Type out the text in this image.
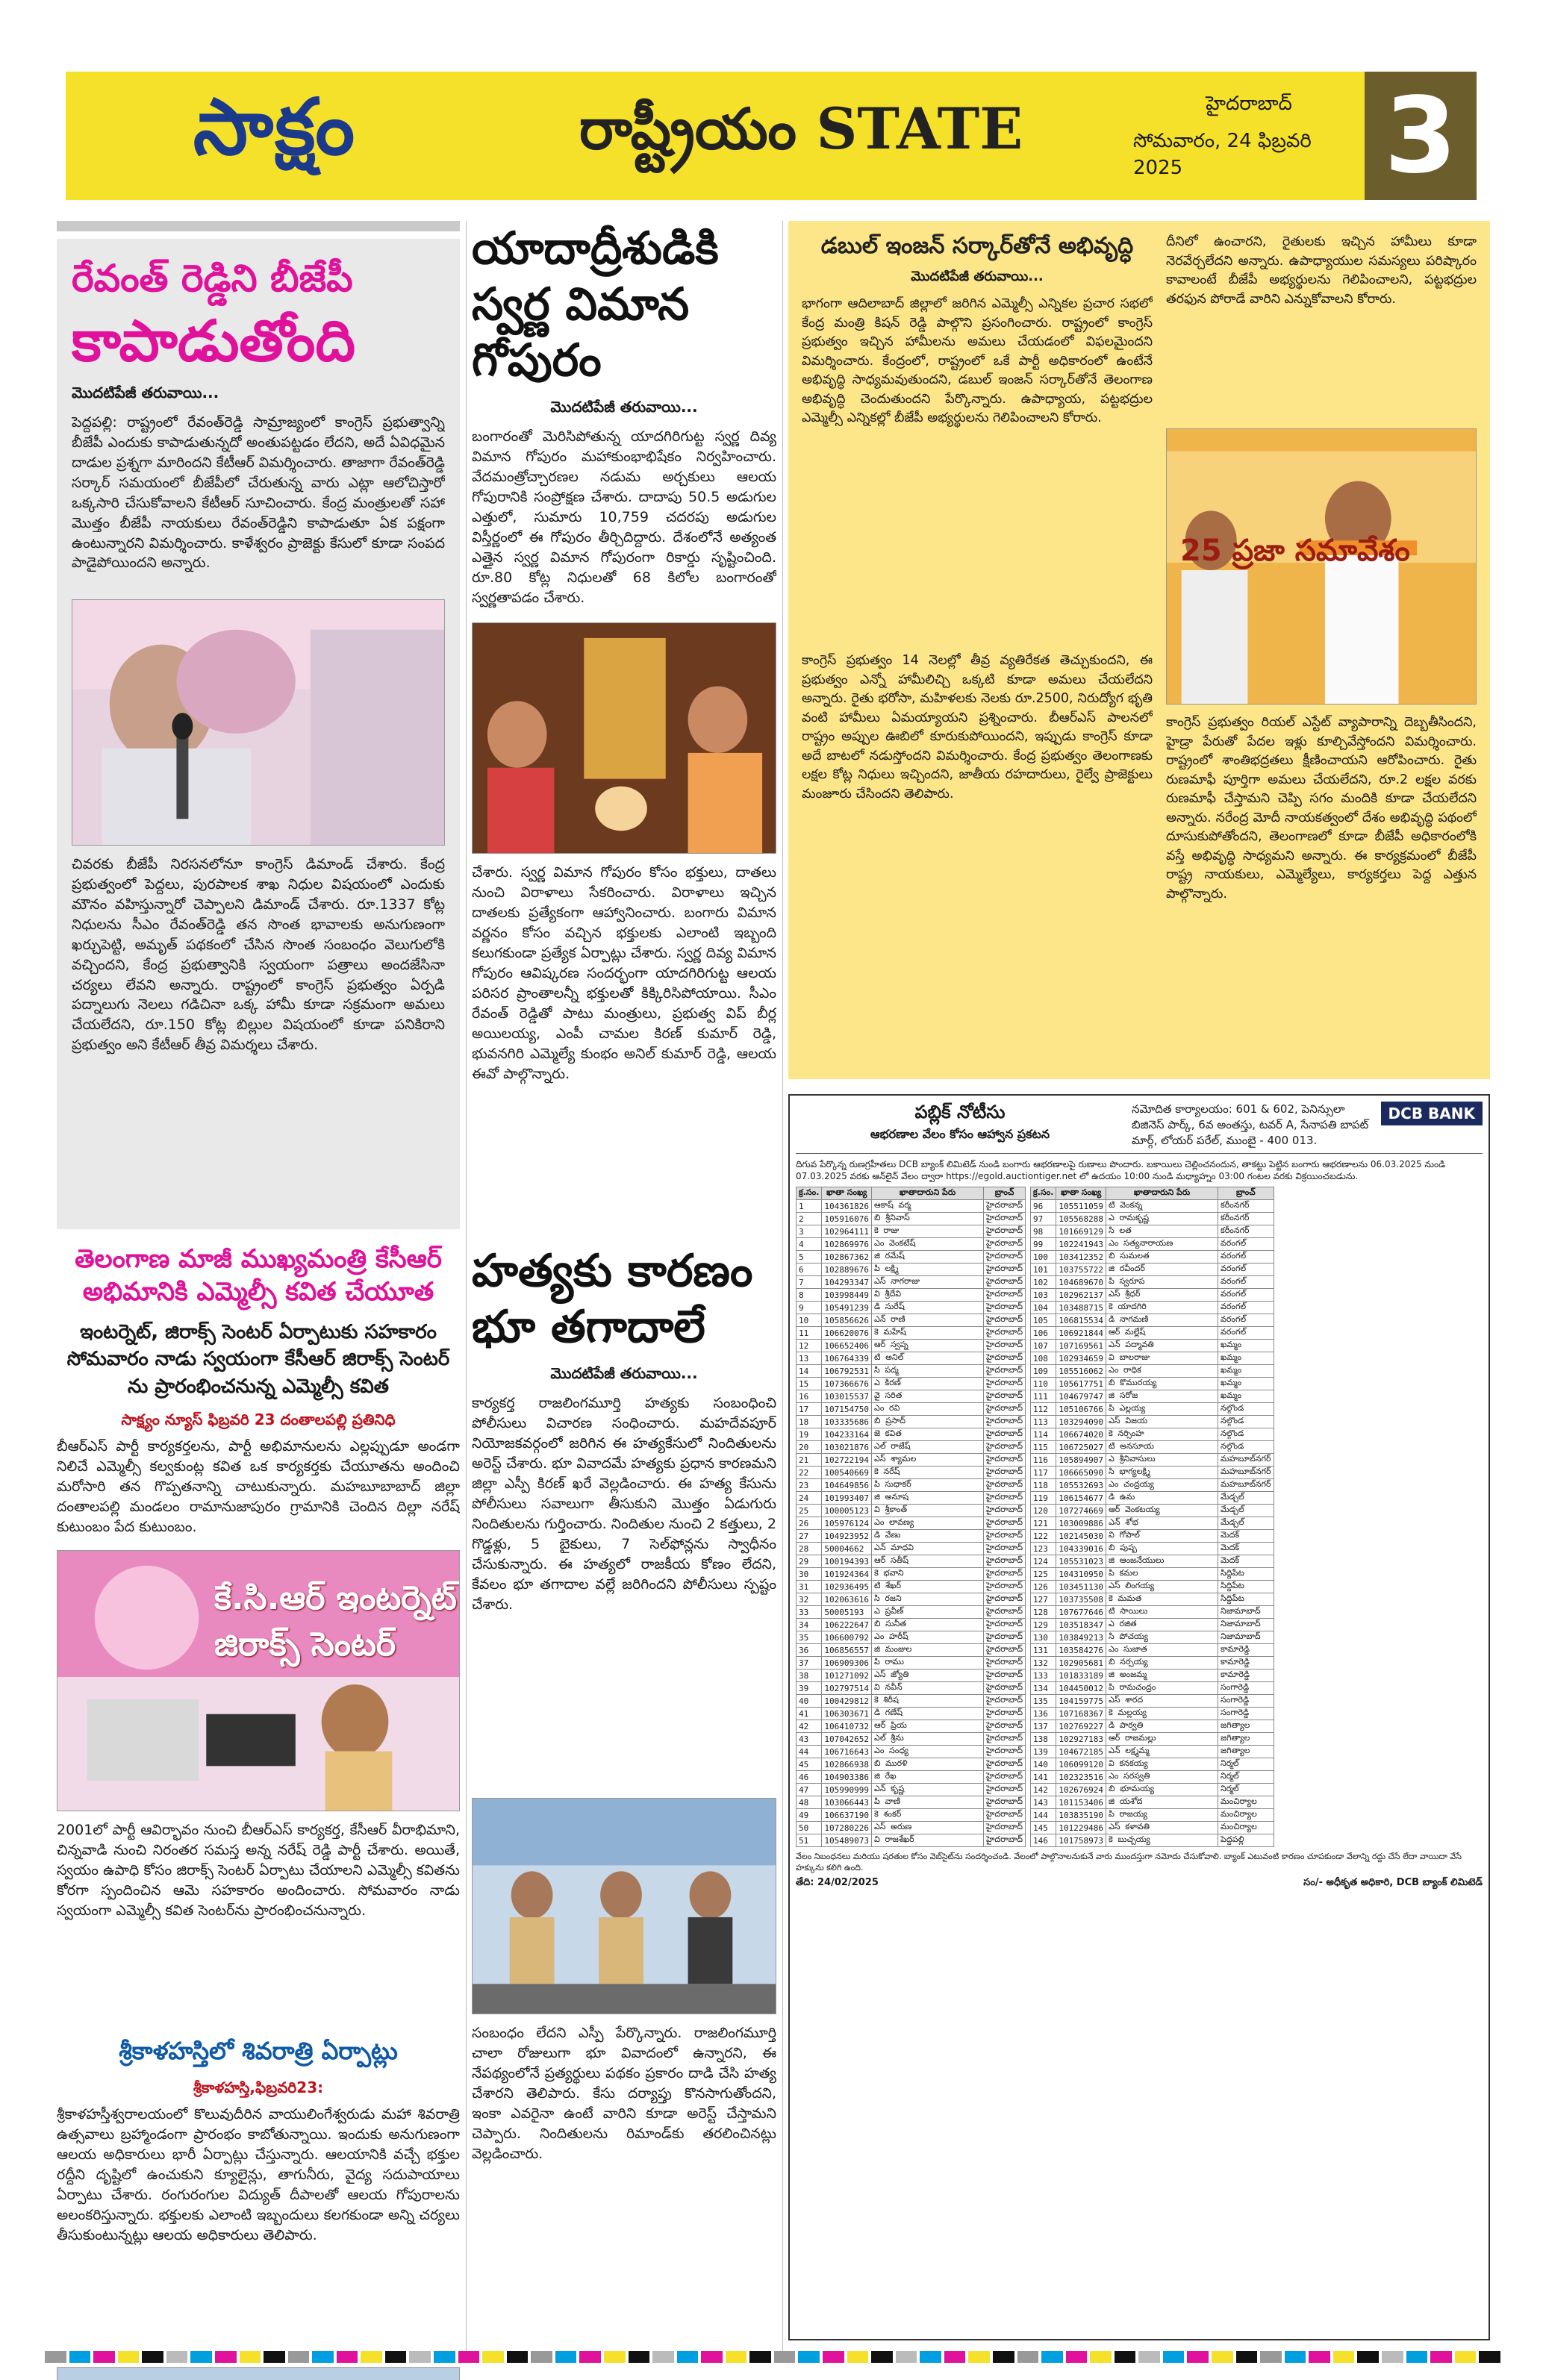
సాక్షం	రాష్ట్రీయం STATE	హైదరాబాద్
సోమవారం, 24 ఫిబ్రవరి 2025	3
రేవంత్ రెడ్డిని బీజేపీ
కాపాడుతోంది
మొదటిపేజీ తరువాయి...

పెద్దపల్లి: రాష్ట్రంలో రేవంత్‌రెడ్డి సామ్రాజ్యంలో కాంగ్రెస్ ప్రభుత్వాన్ని బీజేపీ ఎందుకు కాపాడుతున్నదో అంతుపట్టడం లేదని, అదే ఏవిధమైన దాడుల ప్రశ్నగా మారిందని కేటీఆర్ విమర్శించారు. తాజాగా రేవంత్‌రెడ్డి సర్కార్ సమయంలో బీజేపీలో చేరుతున్న వారు ఎట్లా ఆలోచిస్తారో ఒక్కసారి చేసుకోవాలని కేటీఆర్ సూచించారు. కేంద్ర మంత్రులతో సహా మొత్తం బీజేపీ నాయకులు రేవంత్‌రెడ్డిని కాపాడుతూ ఏక పక్షంగా ఉంటున్నారని విమర్శించారు. కాళేశ్వరం ప్రాజెక్టు కేసులో కూడా సంపద పాడైపోయిందని అన్నారు.

చివరకు బీజేపీ నిరసనలోనూ కాంగ్రెస్ డిమాండ్ చేశారు. కేంద్ర ప్రభుత్వంలో పెద్దలు, పురపాలక శాఖ నిధుల విషయంలో ఎందుకు మౌనం వహిస్తున్నారో చెప్పాలని డిమాండ్ చేశారు. రూ.1337 కోట్ల నిధులను సీఎం రేవంత్‌రెడ్డి తన సొంత భావాలకు అనుగుణంగా ఖర్చుపెట్టి, అమృత్ పథకంలో చేసిన సొంత సంబంధం వెలుగులోకి వచ్చిందని, కేంద్ర ప్రభుత్వానికి స్వయంగా పత్రాలు అందజేసినా చర్యలు లేవని అన్నారు. రాష్ట్రంలో కాంగ్రెస్ ప్రభుత్వం ఏర్పడి పద్నాలుగు నెలలు గడిచినా ఒక్క హామీ కూడా సక్రమంగా అమలు చేయలేదని, రూ.150 కోట్ల బిల్లుల విషయంలో కూడా పనికిరాని ప్రభుత్వం అని కేటీఆర్ తీవ్ర విమర్శలు చేశారు.

తెలంగాణ మాజీ ముఖ్యమంత్రి కేసీఆర్ అభిమానికి ఎమ్మెల్సీ కవిత చేయూత
ఇంటర్నెట్, జిరాక్స్ సెంటర్ ఏర్పాటుకు సహకారం సోమవారం నాడు స్వయంగా కేసీఆర్ జిరాక్స్ సెంటర్ ను ప్రారంభించనున్న ఎమ్మెల్సీ కవిత
సాక్ష్యం న్యూస్ ఫిబ్రవరి 23 దంతాలపల్లి ప్రతినిధి

బీఆర్‌ఎస్ పార్టీ కార్యకర్తలను, పార్టీ అభిమానులను ఎల్లప్పుడూ అండగా నిలిచే ఎమ్మెల్సీ కల్వకుంట్ల కవిత ఒక కార్యకర్తకు చేయూతను అందించి మరోసారి తన గొప్పతనాన్ని చాటుకున్నారు. మహబూబాబాద్ జిల్లా దంతాలపల్లి మండలం రామానుజాపురం గ్రామానికి చెందిన దిల్లా నరేష్ కుటుంబం పేద కుటుంబం.

కే.సి.ఆర్ ఇంటర్నెట్ జిరాక్స్ సెంటర్

2001లో పార్టీ ఆవిర్భావం నుంచి బీఆర్‌ఎస్ కార్యకర్త, కేసీఆర్ వీరాభిమాని, చిన్నవాడి నుంచి నిరంతర సమస్త అన్న నరేష్ రెడ్డి పార్టీ చేశారు. అయితే, స్వయం ఉపాధి కోసం జిరాక్స్ సెంటర్ ఏర్పాటు చేయాలని ఎమ్మెల్సీ కవితను కోరగా స్పందించిన ఆమె సహకారం అందించారు. సోమవారం నాడు స్వయంగా ఎమ్మెల్సీ కవిత సెంటర్‌ను ప్రారంభించనున్నారు.

శ్రీకాళహస్తిలో శివరాత్రి ఏర్పాట్లు
శ్రీకాళహస్తి,ఫిబ్రవరి23:

శ్రీకాళహస్తీశ్వరాలయంలో కొలువుదీరిన వాయులింగేశ్వరుడు మహా శివరాత్రి ఉత్సవాలు బ్రహ్మాండంగా ప్రారంభం కాబోతున్నాయి. ఇందుకు అనుగుణంగా ఆలయ అధికారులు భారీ ఏర్పాట్లు చేస్తున్నారు. ఆలయానికి వచ్చే భక్తుల రద్దీని దృష్టిలో ఉంచుకుని క్యూలైన్లు, తాగునీరు, వైద్య సదుపాయాలు ఏర్పాటు చేశారు. రంగురంగుల విద్యుత్ దీపాలతో ఆలయ గోపురాలను అలంకరిస్తున్నారు. భక్తులకు ఎలాంటి ఇబ్బందులు కలగకుండా అన్ని చర్యలు తీసుకుంటున్నట్లు ఆలయ అధికారులు తెలిపారు.

యాదాద్రీశుడికి స్వర్ణ విమాన గోపురం
మొదటిపేజీ తరువాయి...

బంగారంతో మెరిసిపోతున్న యాదగిరిగుట్ట స్వర్ణ దివ్య విమాన గోపురం మహాకుంభాభిషేకం నిర్వహించారు. వేదమంత్రోచ్చారణల నడుమ అర్చకులు ఆలయ గోపురానికి సంప్రోక్షణ చేశారు. దాదాపు 50.5 అడుగుల ఎత్తులో, సుమారు 10,759 చదరపు అడుగుల విస్తీర్ణంలో ఈ గోపురం తీర్చిదిద్దారు. దేశంలోనే అత్యంత ఎత్తైన స్వర్ణ విమాన గోపురంగా రికార్డు సృష్టించింది. రూ.80 కోట్ల నిధులతో 68 కిలోల బంగారంతో స్వర్ణతాపడం చేశారు.

చేశారు. స్వర్ణ విమాన గోపురం కోసం భక్తులు, దాతలు నుంచి విరాళాలు సేకరించారు. విరాళాలు ఇచ్చిన దాతలకు ప్రత్యేకంగా ఆహ్వానించారు. బంగారు విమాన వర్ణనం కోసం వచ్చిన భక్తులకు ఎలాంటి ఇబ్బంది కలుగకుండా ప్రత్యేక ఏర్పాట్లు చేశారు. స్వర్ణ దివ్య విమాన గోపురం ఆవిష్కరణ సందర్భంగా యాదగిరిగుట్ట ఆలయ పరిసర ప్రాంతాలన్నీ భక్తులతో కిక్కిరిసిపోయాయి. సీఎం రేవంత్ రెడ్డితో పాటు మంత్రులు, ప్రభుత్వ విప్ బీర్ల అయిలయ్య, ఎంపీ చామల కిరణ్ కుమార్ రెడ్డి, భువనగిరి ఎమ్మెల్యే కుంభం అనిల్ కుమార్ రెడ్డి, ఆలయ ఈవో పాల్గొన్నారు.

హత్యకు కారణం భూ తగాదాలే
మొదటిపేజీ తరువాయి...

కార్యకర్త రాజలింగమూర్తి హత్యకు సంబంధించి పోలీసులు విచారణ సంధించారు. మహదేవపూర్ నియోజకవర్గంలో జరిగిన ఈ హత్యకేసులో నిందితులను అరెస్ట్ చేశారు. భూ వివాదమే హత్యకు ప్రధాన కారణమని జిల్లా ఎస్పీ కిరణ్ ఖరే వెల్లడించారు. ఈ హత్య కేసును పోలీసులు సవాలుగా తీసుకుని మొత్తం ఏడుగురు నిందితులను గుర్తించారు. నిందితుల నుంచి 2 కత్తులు, 2 గొడ్డళ్లు, 5 బైకులు, 7 సెల్‌ఫోన్లను స్వాధీనం చేసుకున్నారు. ఈ హత్యలో రాజకీయ కోణం లేదని, కేవలం భూ తగాదాల వల్లే జరిగిందని పోలీసులు స్పష్టం చేశారు.

సంబంధం లేదని ఎస్పీ పేర్కొన్నారు. రాజలింగమూర్తి చాలా రోజులుగా భూ వివాదంలో ఉన్నారని, ఈ నేపథ్యంలోనే ప్రత్యర్థులు పథకం ప్రకారం దాడి చేసి హత్య చేశారని తెలిపారు. కేసు దర్యాప్తు కొనసాగుతోందని, ఇంకా ఎవరైనా ఉంటే వారిని కూడా అరెస్ట్ చేస్తామని చెప్పారు. నిందితులను రిమాండ్‌కు తరలించినట్లు వెల్లడించారు.

డబుల్ ఇంజన్ సర్కార్‌తోనే అభివృద్ధి
మొదటిపేజీ తరువాయి...

భాగంగా ఆదిలాబాద్ జిల్లాలో జరిగిన ఎమ్మెల్సీ ఎన్నికల ప్రచార సభలో కేంద్ర మంత్రి కిషన్ రెడ్డి పాల్గొని ప్రసంగించారు. రాష్ట్రంలో కాంగ్రెస్ ప్రభుత్వం ఇచ్చిన హామీలను అమలు చేయడంలో విఫలమైందని విమర్శించారు. కేంద్రంలో, రాష్ట్రంలో ఒకే పార్టీ అధికారంలో ఉంటేనే అభివృద్ధి సాధ్యమవుతుందని, డబుల్ ఇంజన్ సర్కార్‌తోనే తెలంగాణ అభివృద్ధి చెందుతుందని పేర్కొన్నారు. ఉపాధ్యాయ, పట్టభద్రుల ఎమ్మెల్సీ ఎన్నికల్లో బీజేపీ అభ్యర్థులను గెలిపించాలని కోరారు.

కాంగ్రెస్ ప్రభుత్వం 14 నెలల్లో తీవ్ర వ్యతిరేకత తెచ్చుకుందని, ఈ ప్రభుత్వం ఎన్నో హామీలిచ్చి ఒక్కటి కూడా అమలు చేయలేదని అన్నారు. రైతు భరోసా, మహిళలకు నెలకు రూ.2500, నిరుద్యోగ భృతి వంటి హామీలు ఏమయ్యాయని ప్రశ్నించారు. బీఆర్‌ఎస్ పాలనలో రాష్ట్రం అప్పుల ఊబిలో కూరుకుపోయిందని, ఇప్పుడు కాంగ్రెస్ కూడా అదే బాటలో నడుస్తోందని విమర్శించారు. కేంద్ర ప్రభుత్వం తెలంగాణకు లక్షల కోట్ల నిధులు ఇచ్చిందని, జాతీయ రహదారులు, రైల్వే ప్రాజెక్టులు మంజూరు చేసిందని తెలిపారు.

దీనిలో ఉంచారని, రైతులకు ఇచ్చిన హామీలు కూడా నెరవేర్చలేదని అన్నారు. ఉపాధ్యాయుల సమస్యలు పరిష్కారం కావాలంటే బీజేపీ అభ్యర్థులను గెలిపించాలని, పట్టభద్రుల తరఫున పోరాడే వారిని ఎన్నుకోవాలని కోరారు.

25 ప్రజా సమావేశం

కాంగ్రెస్ ప్రభుత్వం రియల్ ఎస్టేట్ వ్యాపారాన్ని దెబ్బతీసిందని, హైడ్రా పేరుతో పేదల ఇళ్లు కూల్చివేస్తోందని విమర్శించారు. రాష్ట్రంలో శాంతిభద్రతలు క్షీణించాయని ఆరోపించారు. రైతు రుణమాఫీ పూర్తిగా అమలు చేయలేదని, రూ.2 లక్షల వరకు రుణమాఫీ చేస్తామని చెప్పి సగం మందికి కూడా చేయలేదని అన్నారు. నరేంద్ర మోదీ నాయకత్వంలో దేశం అభివృద్ధి పథంలో దూసుకుపోతోందని, తెలంగాణలో కూడా బీజేపీ అధికారంలోకి వస్తే అభివృద్ధి సాధ్యమని అన్నారు. ఈ కార్యక్రమంలో బీజేపీ రాష్ట్ర నాయకులు, ఎమ్మెల్యేలు, కార్యకర్తలు పెద్ద ఎత్తున పాల్గొన్నారు.

పబ్లిక్ నోటీసు
ఆభరణాల వేలం కోసం ఆహ్వాన ప్రకటన
నమోదిత కార్యాలయం: 601 & 602, పెనిన్సులా బిజినెస్ పార్క్, 6వ అంతస్తు, టవర్ A, సేనాపతి బాపట్ మార్గ్, లోయర్ పరేల్, ముంబై - 400 013.
DCB BANK
దిగువ పేర్కొన్న రుణగ్రహీతలు DCB బ్యాంక్ లిమిటెడ్ నుండి బంగారు ఆభరణాలపై రుణాలు పొందారు. బకాయిలు చెల్లించనందున, తాకట్టు పెట్టిన బంగారు ఆభరణాలను 06.03.2025 నుండి 07.03.2025 వరకు ఆన్‌లైన్ వేలం ద్వారా https://egold.auctiontiger.net లో ఉదయం 10:00 నుండి మధ్యాహ్నం 03:00 గంటల వరకు విక్రయించబడును.
క్ర.సం.	ఖాతా సంఖ్య	ఖాతాదారుని పేరు	బ్రాంచ్
1	104361826	ఆకాష్ వర్మ	హైదరాబాద్
2	105916076	బి శ్రీనివాస్	హైదరాబాద్
3	102964111	కె రాజు	హైదరాబాద్
4	102869976	ఎం వెంకటేష్	హైదరాబాద్
5	102867362	జి రమేష్	హైదరాబాద్
6	102889676	పి లక్ష్మి	హైదరాబాద్
7	104293347	ఎస్ నాగరాజు	హైదరాబాద్
8	103998449	వి శ్రీదేవి	హైదరాబాద్
9	105491239	డి సురేష్	హైదరాబాద్
10	105856626	ఎన్ రాణి	హైదరాబాద్
11	106620076	కె మహేష్	హైదరాబాద్
12	106652406	ఆర్ స్వప్న	హైదరాబాద్
13	106764339	టి అనిల్	హైదరాబాద్
14	106792531	సి పద్మ	హైదరాబాద్
15	107366676	ఎ కిరణ్	హైదరాబాద్
16	103015537	వై సరిత	హైదరాబాద్
17	107154750	ఎం రవి	హైదరాబాద్
18	103335686	బి ప్రసాద్	హైదరాబాద్
19	104233164	జె కవిత	హైదరాబాద్
20	103021876	ఎల్ రాజేష్	హైదరాబాద్
21	102722194	ఎస్ శ్యామల	హైదరాబాద్
22	100540669	కె నరేష్	హైదరాబాద్
23	104649856	పి సుధాకర్	హైదరాబాద్
24	101993407	జి అనూష	హైదరాబాద్
25	100005123	వి శ్రీకాంత్	హైదరాబాద్
26	105976124	ఎం లావణ్య	హైదరాబాద్
27	104923952	డి వేణు	హైదరాబాద్
28	50004662	ఎన్ మాధవి	హైదరాబాద్
29	100194393	ఆర్ సతీష్	హైదరాబాద్
30	101924364	కె భవాని	హైదరాబాద్
31	102936495	టి శేఖర్	హైదరాబాద్
32	102063616	సి రజని	హైదరాబాద్
33	50005193	ఎ ప్రవీణ్	హైదరాబాద్
34	106222647	బి సునీత	హైదరాబాద్
35	106600792	ఎం హరీష్	హైదరాబాద్
36	106856557	జి మంజుల	హైదరాబాద్
37	106909306	పి రాము	హైదరాబాద్
38	101271092	ఎస్ జ్యోతి	హైదరాబాద్
39	102797514	వి నవీన్	హైదరాబాద్
40	100429812	కె శిరీష	హైదరాబాద్
41	106303671	డి గణేష్	హైదరాబాద్
42	106410732	ఆర్ ప్రియ	హైదరాబాద్
43	107042652	ఎల్ శ్రీను	హైదరాబాద్
44	106716643	ఎం సంధ్య	హైదరాబాద్
45	102866938	బి మురళి	హైదరాబాద్
46	104903386	జి రేఖ	హైదరాబాద్
47	105990999	ఎన్ కృష్ణ	హైదరాబాద్
48	103066443	పి వాణి	హైదరాబాద్
49	106637190	కె శంకర్	హైదరాబాద్
50	107280226	ఎస్ అరుణ	హైదరాబాద్
51	105489073	వి రాజశేఖర్	హైదరాబాద్
క్ర.సం.	ఖాతా సంఖ్య	ఖాతాదారుని పేరు	బ్రాంచ్
96	105511059	టి వెంకన్న	కరీంనగర్
97	105568288	ఎ రామకృష్ణ	కరీంనగర్
98	101669129	సి లత	కరీంనగర్
99	102241943	ఎం సత్యనారాయణ	వరంగల్
100	103412352	బి సుమలత	వరంగల్
101	103755722	జి రవీందర్	వరంగల్
102	104689670	పి స్వరూప	వరంగల్
103	102962137	ఎస్ శ్రీధర్	వరంగల్
104	103488715	కె యాదగిరి	వరంగల్
105	106815534	డి నాగమణి	వరంగల్
106	106921844	ఆర్ మల్లేష్	వరంగల్
107	107169561	ఎన్ పద్మావతి	ఖమ్మం
108	102934659	వి బాలరాజు	ఖమ్మం
109	105516062	ఎం రాధిక	ఖమ్మం
110	105617751	బి కొమురయ్య	ఖమ్మం
111	104679747	జి సరోజ	ఖమ్మం
112	105106766	పి ఎల్లయ్య	నల్గొండ
113	103294090	ఎస్ విజయ	నల్గొండ
114	106674020	కె నర్సింహ	నల్గొండ
115	106725027	టి అనసూయ	నల్గొండ
116	105894907	ఎ శ్రీనివాసులు	మహబూబ్‌నగర్
117	106665090	సి భాగ్యలక్ష్మి	మహబూబ్‌నగర్
118	105532693	ఎం చంద్రయ్య	మహబూబ్‌నగర్
119	106154677	డి ఉమ	మేడ్చల్
120	107274669	ఆర్ వెంకటయ్య	మేడ్చల్
121	103009886	ఎన్ శోభ	మేడ్చల్
122	102145030	వి గోపాల్	మెదక్
123	104339016	బి పుష్ప	మెదక్
124	105531023	జి ఆంజనేయులు	మెదక్
125	104310950	పి కమల	సిద్దిపేట
126	103451130	ఎస్ లింగయ్య	సిద్దిపేట
127	103735508	కె మమత	సిద్దిపేట
128	107677646	టి సాయిలు	నిజామాబాద్
129	103518347	ఎ రజిత	నిజామాబాద్
130	103849213	సి పోచయ్య	నిజామాబాద్
131	103584276	ఎం సుజాత	కామారెడ్డి
132	102905681	బి నర్సయ్య	కామారెడ్డి
133	101833189	జి అంజమ్మ	కామారెడ్డి
134	104450012	పి రామచంద్రం	సంగారెడ్డి
135	104159775	ఎస్ శారద	సంగారెడ్డి
136	107168367	కె మల్లయ్య	సంగారెడ్డి
137	102769227	డి పార్వతి	జగిత్యాల
138	102927183	ఆర్ రాజమల్లు	జగిత్యాల
139	104672185	ఎన్ లక్ష్మమ్మ	జగిత్యాల
140	106099120	వి కనకయ్య	నిర్మల్
141	102323516	ఎం సరస్వతి	నిర్మల్
142	102676924	బి భూమయ్య	నిర్మల్
143	101153406	జి యశోద	మంచిర్యాల
144	103835190	పి రాజయ్య	మంచిర్యాల
145	101229486	ఎస్ కళావతి	మంచిర్యాల
146	101758973	కె బుచ్చయ్య	పెద్దపల్లి
వేలం నిబంధనలు మరియు షరతుల కోసం వెబ్‌సైట్‌ను సందర్శించండి. వేలంలో పాల్గొనాలనుకునే వారు ముందస్తుగా నమోదు చేసుకోవాలి. బ్యాంక్ ఎటువంటి కారణం చూపకుండా వేలాన్ని రద్దు చేసే లేదా వాయిదా వేసే హక్కును కలిగి ఉంది.
తేది: 24/02/2025	సం/- అధీకృత అధికారి, DCB బ్యాంక్ లిమిటెడ్
